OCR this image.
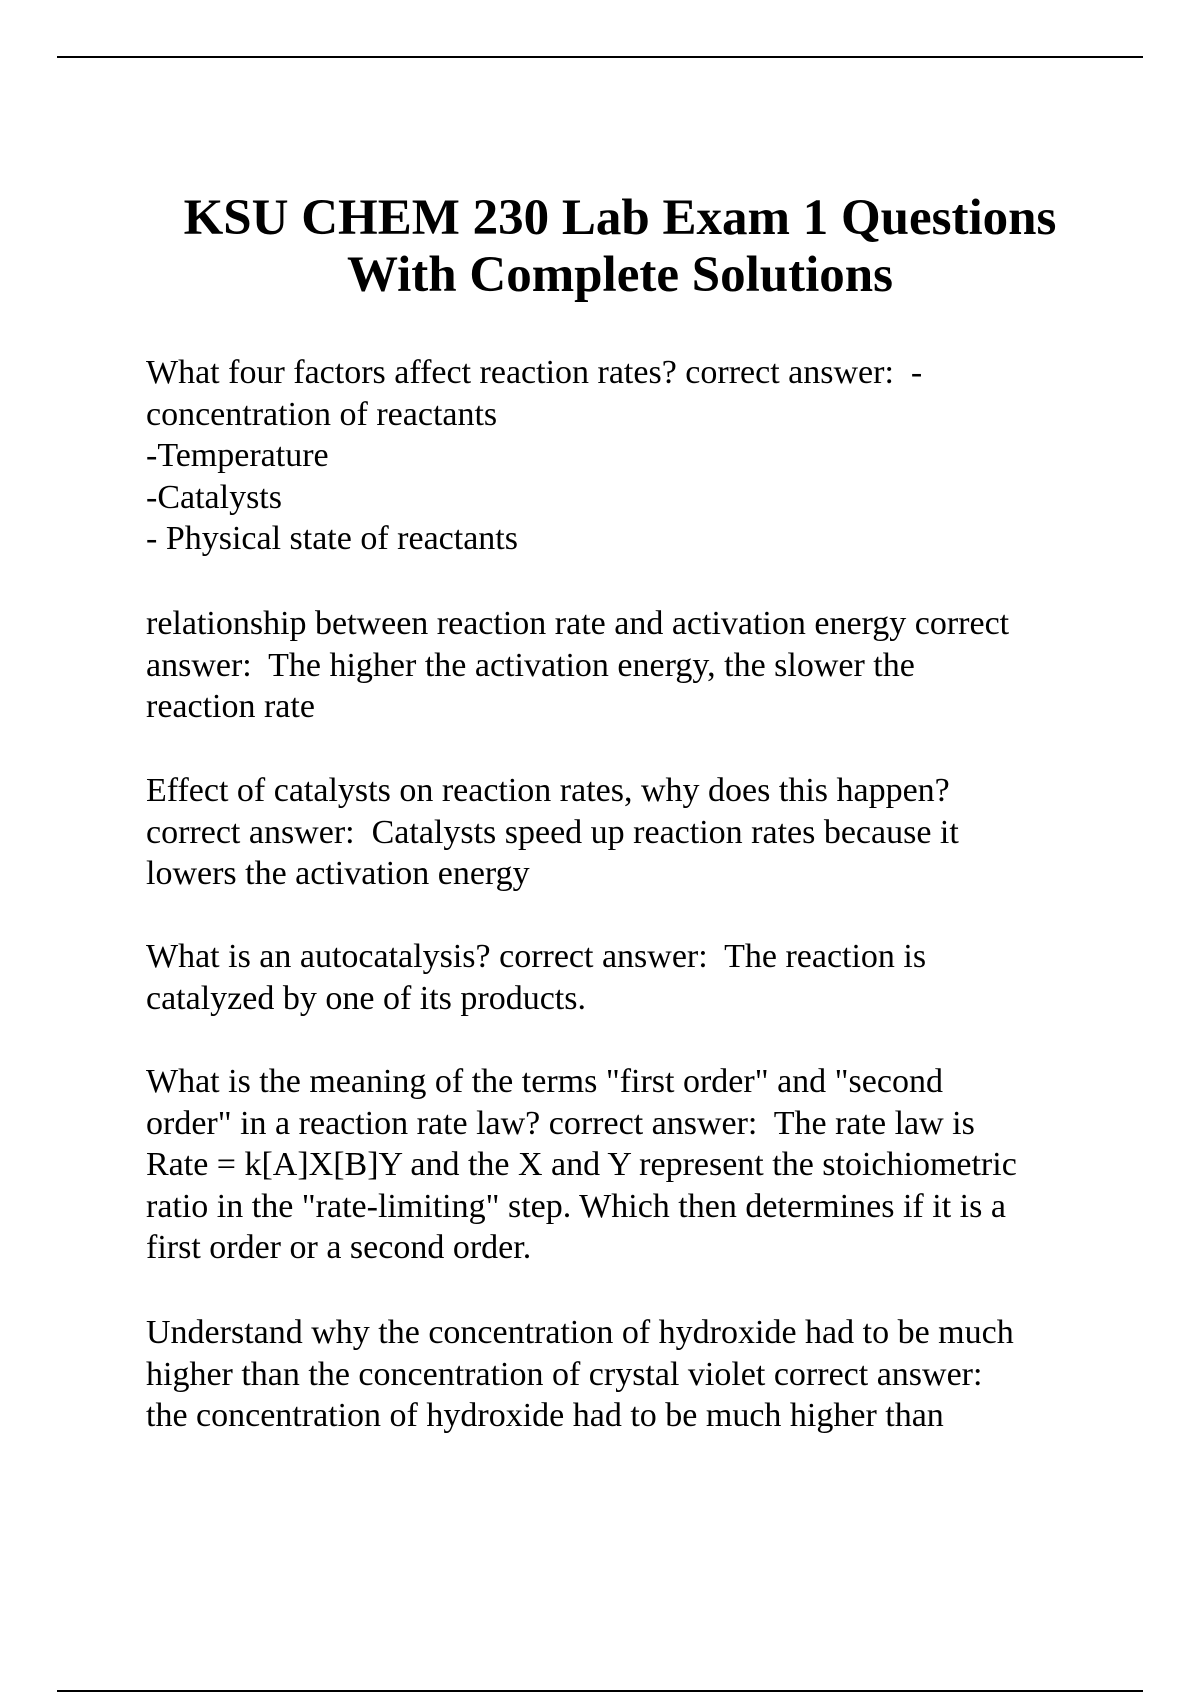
KSU CHEM 230 Lab Exam 1 Questions
With Complete Solutions
What four factors affect reaction rates? correct answer:  -
concentration of reactants
-Temperature
-Catalysts
- Physical state of reactants
relationship between reaction rate and activation energy correct
answer:  The higher the activation energy, the slower the
reaction rate
Effect of catalysts on reaction rates, why does this happen?
correct answer:  Catalysts speed up reaction rates because it
lowers the activation energy
What is an autocatalysis? correct answer:  The reaction is
catalyzed by one of its products.
What is the meaning of the terms "first order" and "second
order" in a reaction rate law? correct answer:  The rate law is
Rate = k[A]X[B]Y and the X and Y represent the stoichiometric
ratio in the "rate-limiting" step. Which then determines if it is a
first order or a second order.
Understand why the concentration of hydroxide had to be much
higher than the concentration of crystal violet correct answer:
the concentration of hydroxide had to be much higher than
